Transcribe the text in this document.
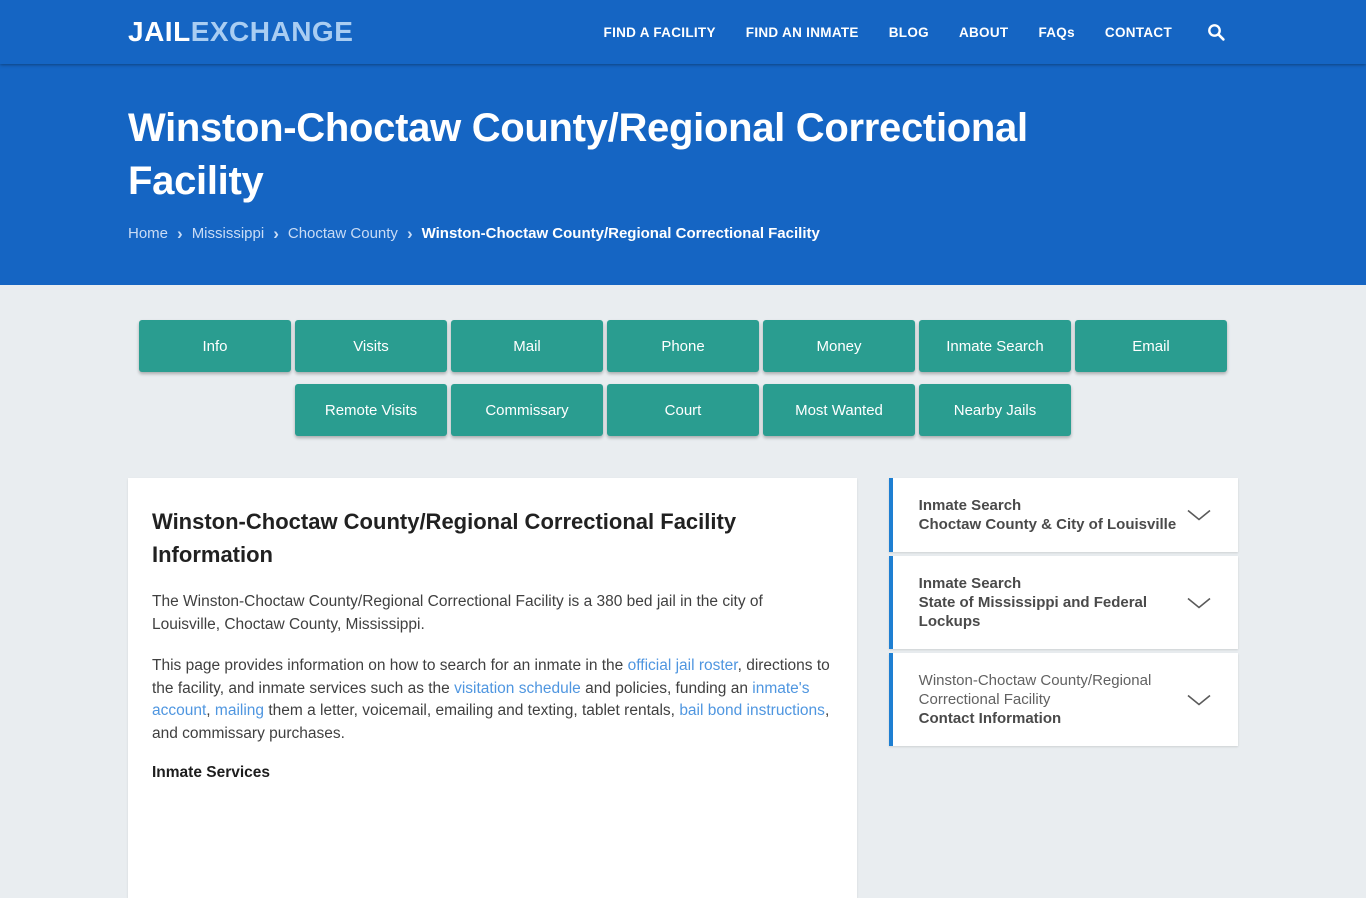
JAILEXCHANGE	FIND A FACILITY FIND AN INMATE BLOG ABOUT FAQs CONTACT
Winston-Choctaw County/Regional Correctional Facility
Home › Mississippi › Choctaw County › Winston-Choctaw County/Regional Correctional Facility
Info	Visits	Mail	Phone	Money	Inmate Search	Email
Remote Visits	Commissary	Court	Most Wanted	Nearby Jails
Winston-Choctaw County/Regional Correctional Facility Information

The Winston-Choctaw County/Regional Correctional Facility is a 380 bed jail in the city of Louisville, Choctaw County, Mississippi.

This page provides information on how to search for an inmate in the official jail roster, directions to the facility, and inmate services such as the visitation schedule and policies, funding an inmate's account, mailing them a letter, voicemail, emailing and texting, tablet rentals, bail bond instructions, and commissary purchases.

Inmate Services
Inmate Search
Choctaw County & City of Louisville
Inmate Search
State of Mississippi and Federal Lockups
Winston-Choctaw County/Regional Correctional Facility
Contact Information
